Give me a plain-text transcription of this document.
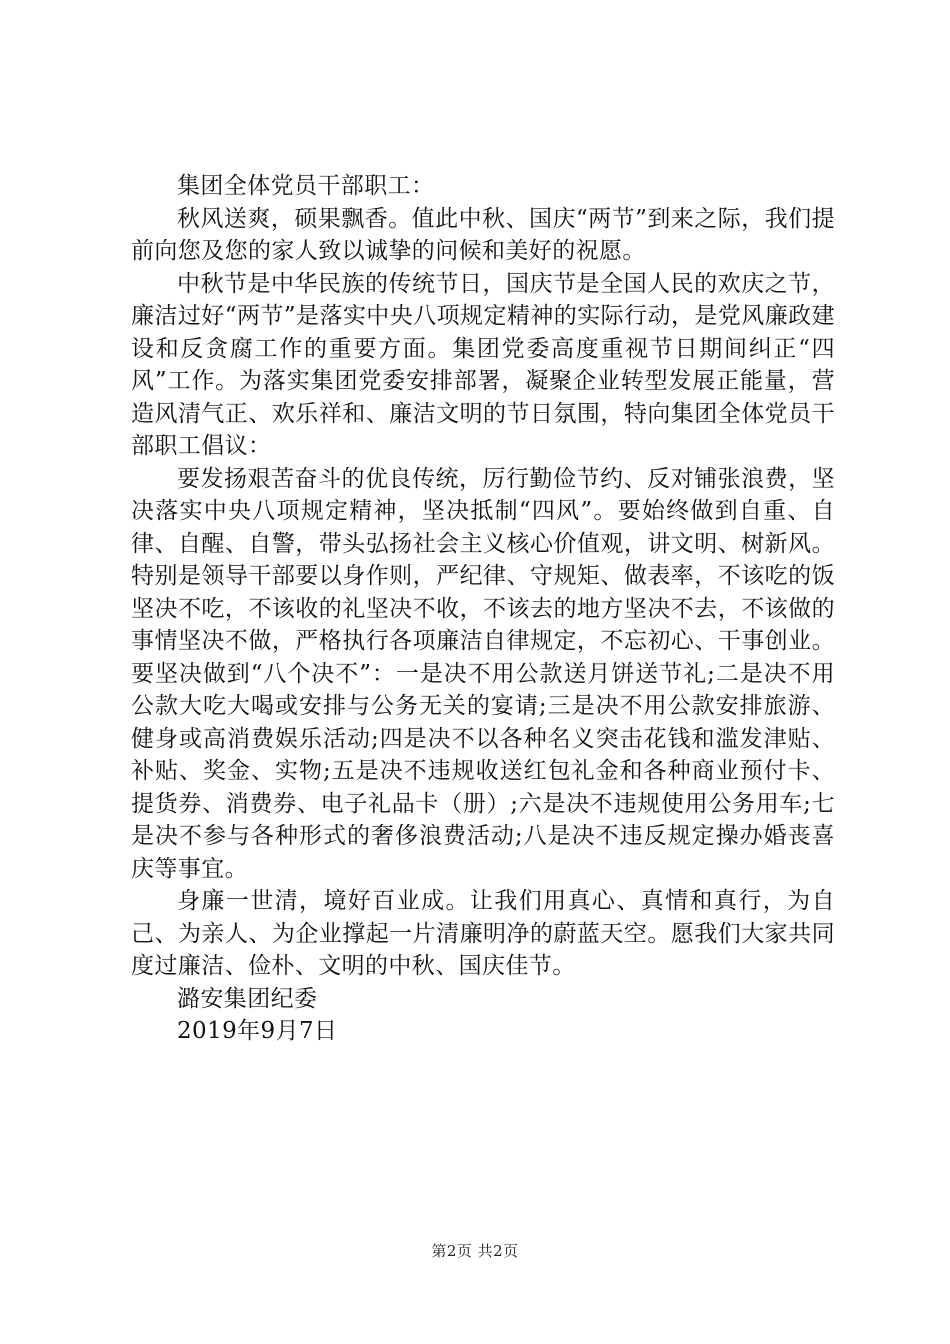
集团全体党员干部职工：

秋风送爽，硕果飘香。值此中秋、国庆“两节”到来之际，我们提前向您及您的家人致以诚挚的问候和美好的祝愿。

中秋节是中华民族的传统节日，国庆节是全国人民的欢庆之节，廉洁过好“两节”是落实中央八项规定精神的实际行动，是党风廉政建设和反贪腐工作的重要方面。集团党委高度重视节日期间纠正“四风”工作。为落实集团党委安排部署，凝聚企业转型发展正能量，营造风清气正、欢乐祥和、廉洁文明的节日氛围，特向集团全体党员干部职工倡议：

要发扬艰苦奋斗的优良传统，厉行勤俭节约、反对铺张浪费，坚决落实中央八项规定精神，坚决抵制“四风”。要始终做到自重、自律、自醒、自警，带头弘扬社会主义核心价值观，讲文明、树新风。特别是领导干部要以身作则，严纪律、守规矩、做表率，不该吃的饭坚决不吃，不该收的礼坚决不收，不该去的地方坚决不去，不该做的事情坚决不做，严格执行各项廉洁自律规定，不忘初心、干事创业。要坚决做到“八个决不”：一是决不用公款送月饼送节礼;二是决不用公款大吃大喝或安排与公务无关的宴请;三是决不用公款安排旅游、健身或高消费娱乐活动;四是决不以各种名义突击花钱和滥发津贴、补贴、奖金、实物;五是决不违规收送红包礼金和各种商业预付卡、提货券、消费券、电子礼品卡（册）;六是决不违规使用公务用车;七是决不参与各种形式的奢侈浪费活动;八是决不违反规定操办婚丧喜庆等事宜。

身廉一世清，境好百业成。让我们用真心、真情和真行，为自己、为亲人、为企业撑起一片清廉明净的蔚蓝天空。愿我们大家共同度过廉洁、俭朴、文明的中秋、国庆佳节。

潞安集团纪委

2019年9月7日

第2页 共2页
